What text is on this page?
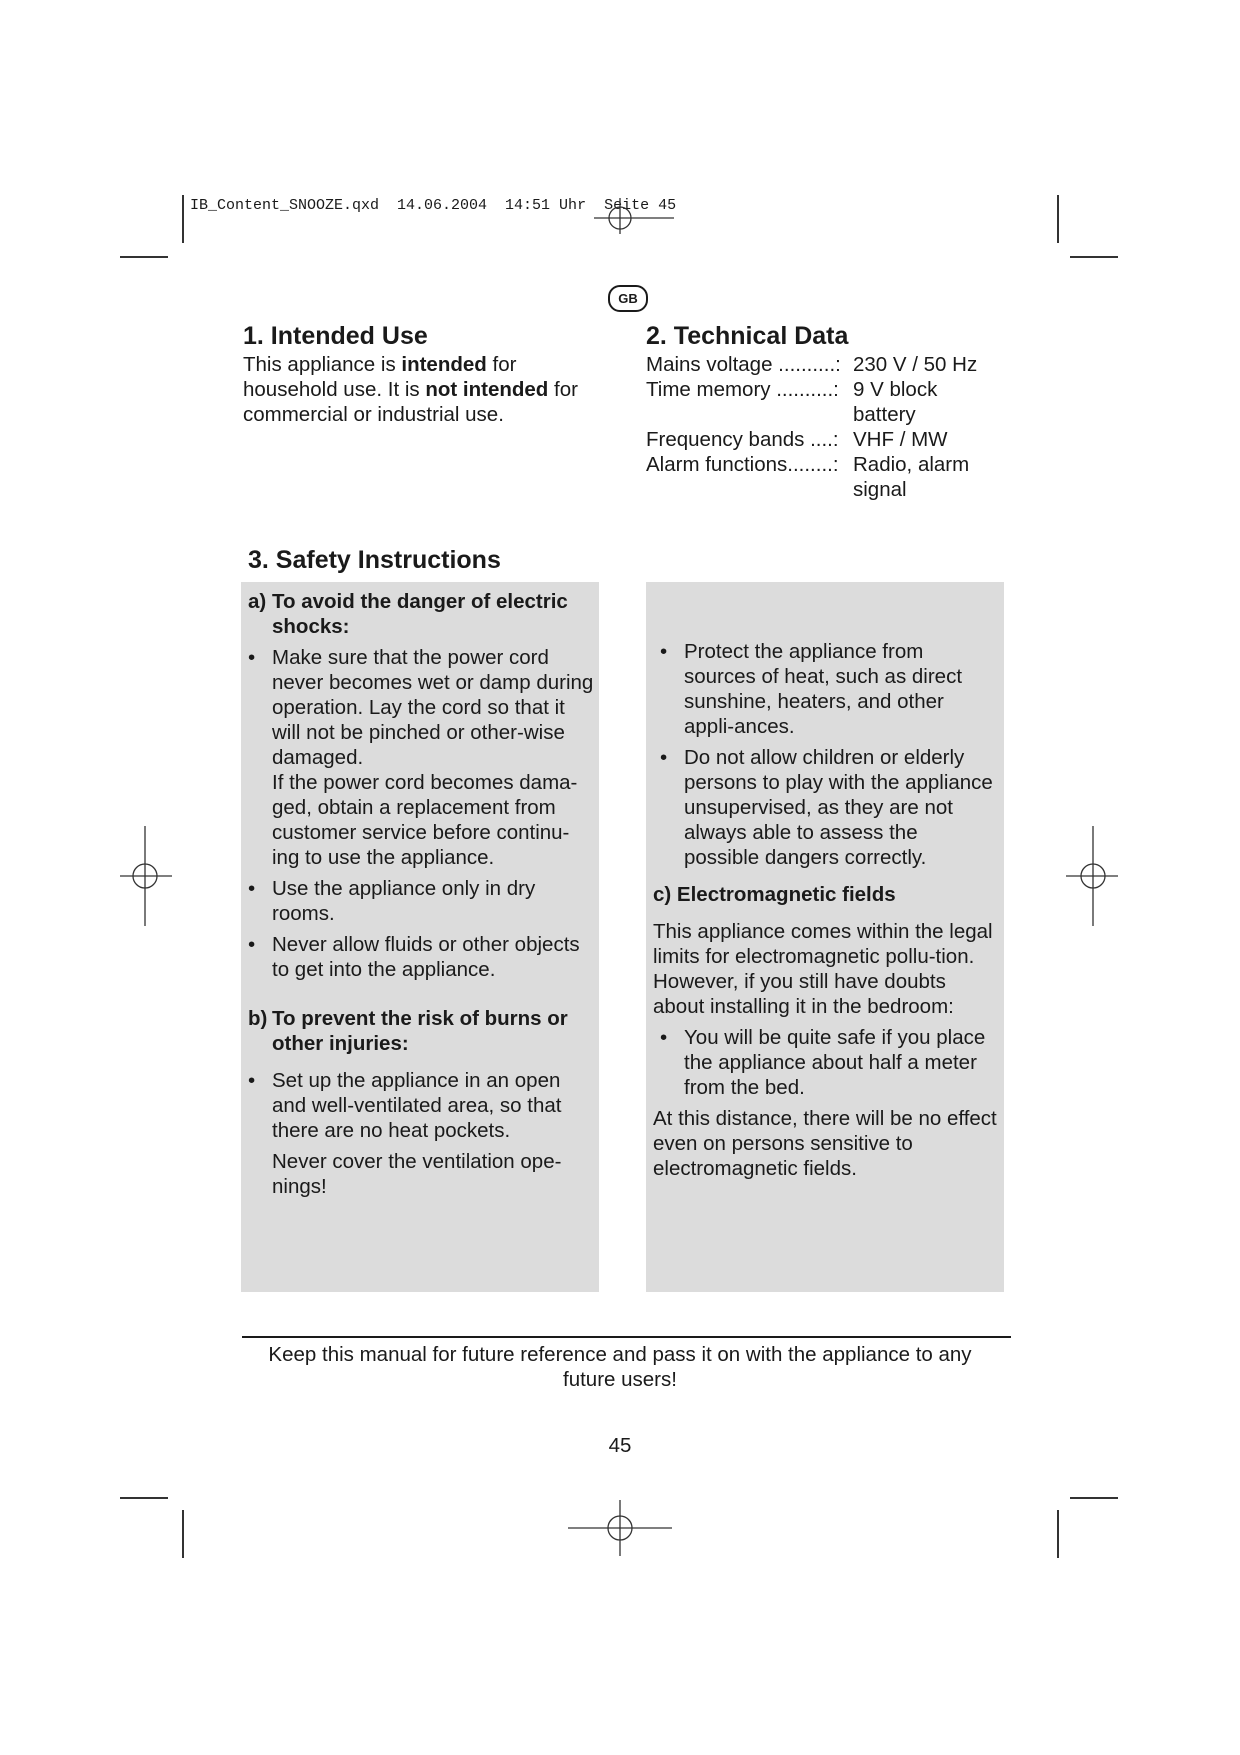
IB_Content_SNOOZE.qxd  14.06.2004  14:51 Uhr  Seite 45
GB
1. Intended Use
This appliance is intended for household use. It is not intended for commercial or industrial use.
2. Technical Data
Mains voltage ..........: 230 V / 50 Hz
Time memory ..........: 9 V block battery
Frequency bands ....: VHF / MW
Alarm functions........: Radio, alarm signal
3. Safety Instructions
a) To avoid the danger of electric shocks:
• Make sure that the power cord never becomes wet or damp during operation. Lay the cord so that it will not be pinched or other-wise damaged.
If the power cord becomes dama-ged, obtain a replacement from customer service before continu-ing to use the appliance.
• Use the appliance only in dry rooms.
• Never allow fluids or other objects to get into the appliance.
b) To prevent the risk of burns or other injuries:
• Set up the appliance in an open and well-ventilated area, so that there are no heat pockets.
Never cover the ventilation ope-nings!
• Protect the appliance from sources of heat, such as direct sunshine, heaters, and other appli-ances.
• Do not allow children or elderly persons to play with the appliance unsupervised, as they are not always able to assess the possible dangers correctly.
c) Electromagnetic fields
This appliance comes within the legal limits for electromagnetic pollu-tion. However, if you still have doubts about installing it in the bedroom:
• You will be quite safe if you place the appliance about half a meter from the bed.
At this distance, there will be no effect even on persons sensitive to electromagnetic fields.
Keep this manual for future reference and pass it on with the appliance to any future users!
45
